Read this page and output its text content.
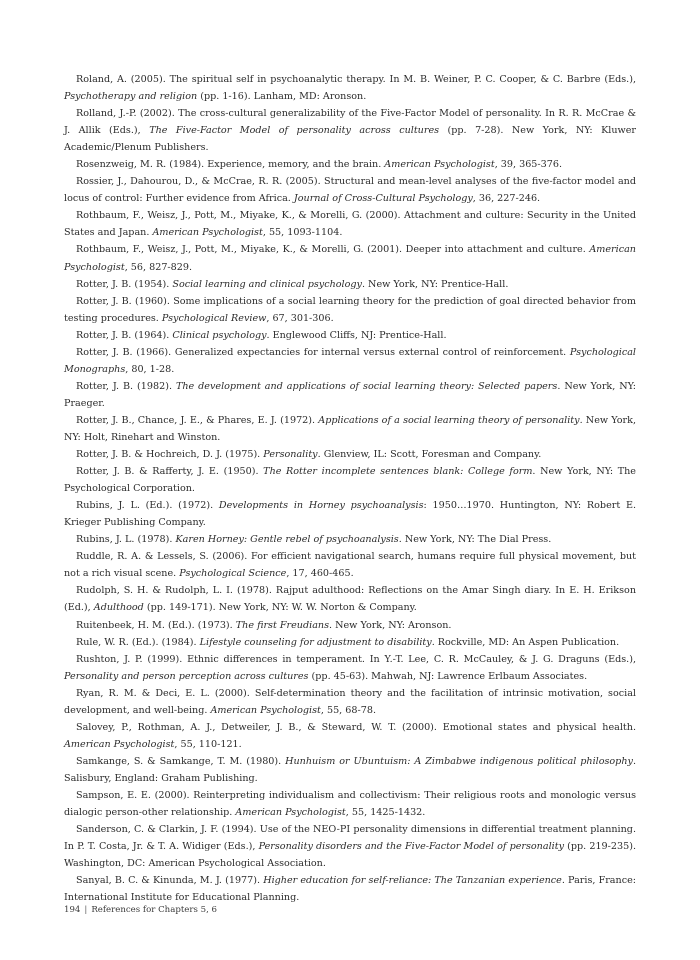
Roland, A. (2005). The spiritual self in psychoanalytic therapy. In M. B. Weiner, P. C. Cooper, & C. Barbre (Eds.), Psychotherapy and religion (pp. 1-16). Lanham, MD: Aronson.

Rolland, J.-P. (2002). The cross-cultural generalizability of the Five-Factor Model of personality. In R. R. McCrae & J. Allik (Eds.), The Five-Factor Model of personality across cultures (pp. 7-28). New York, NY: Kluwer Academic/Plenum Publishers.

Rosenzweig, M. R. (1984). Experience, memory, and the brain. American Psychologist, 39, 365-376.

Rossier, J., Dahourou, D., & McCrae, R. R. (2005). Structural and mean-level analyses of the five-factor model and locus of control: Further evidence from Africa. Journal of Cross-Cultural Psychology, 36, 227-246.

Rothbaum, F., Weisz, J., Pott, M., Miyake, K., & Morelli, G. (2000). Attachment and culture: Security in the United States and Japan. American Psychologist, 55, 1093-1104.

Rothbaum, F., Weisz, J., Pott, M., Miyake, K., & Morelli, G. (2001). Deeper into attachment and culture. American Psychologist, 56, 827-829.

Rotter, J. B. (1954). Social learning and clinical psychology. New York, NY: Prentice-Hall.

Rotter, J. B. (1960). Some implications of a social learning theory for the prediction of goal directed behavior from testing procedures. Psychological Review, 67, 301-306.

Rotter, J. B. (1964). Clinical psychology. Englewood Cliffs, NJ: Prentice-Hall.

Rotter, J. B. (1966). Generalized expectancies for internal versus external control of reinforcement. Psychological Monographs, 80, 1-28.

Rotter, J. B. (1982). The development and applications of social learning theory: Selected papers. New York, NY: Praeger.

Rotter, J. B., Chance, J. E., & Phares, E. J. (1972). Applications of a social learning theory of personality. New York, NY: Holt, Rinehart and Winston.

Rotter, J. B. & Hochreich, D. J. (1975). Personality. Glenview, IL: Scott, Foresman and Company.

Rotter, J. B. & Rafferty, J. E. (1950). The Rotter incomplete sentences blank: College form. New York, NY: The Psychological Corporation.

Rubins, J. L. (Ed.). (1972). Developments in Horney psychoanalysis: 1950…1970. Huntington, NY: Robert E. Krieger Publishing Company.

Rubins, J. L. (1978). Karen Horney: Gentle rebel of psychoanalysis. New York, NY: The Dial Press.

Ruddle, R. A. & Lessels, S. (2006). For efficient navigational search, humans require full physical movement, but not a rich visual scene. Psychological Science, 17, 460-465.

Rudolph, S. H. & Rudolph, L. I. (1978). Rajput adulthood: Reflections on the Amar Singh diary. In E. H. Erikson (Ed.), Adulthood (pp. 149-171). New York, NY: W. W. Norton & Company.

Ruitenbeek, H. M. (Ed.). (1973). The first Freudians. New York, NY: Aronson.

Rule, W. R. (Ed.). (1984). Lifestyle counseling for adjustment to disability. Rockville, MD: An Aspen Publication.

Rushton, J. P. (1999). Ethnic differences in temperament. In Y.-T. Lee, C. R. McCauley, & J. G. Draguns (Eds.), Personality and person perception across cultures (pp. 45-63). Mahwah, NJ: Lawrence Erlbaum Associates.

Ryan, R. M. & Deci, E. L. (2000). Self-determination theory and the facilitation of intrinsic motivation, social development, and well-being. American Psychologist, 55, 68-78.

Salovey, P., Rothman, A. J., Detweiler, J. B., & Steward, W. T. (2000). Emotional states and physical health. American Psychologist, 55, 110-121.

Samkange, S. & Samkange, T. M. (1980). Hunhuism or Ubuntuism: A Zimbabwe indigenous political philosophy. Salisbury, England: Graham Publishing.

Sampson, E. E. (2000). Reinterpreting individualism and collectivism: Their religious roots and monologic versus dialogic person-other relationship. American Psychologist, 55, 1425-1432.

Sanderson, C. & Clarkin, J. F. (1994). Use of the NEO-PI personality dimensions in differential treatment planning. In P. T. Costa, Jr. & T. A. Widiger (Eds.), Personality disorders and the Five-Factor Model of personality (pp. 219-235). Washington, DC: American Psychological Association.

Sanyal, B. C. & Kinunda, M. J. (1977). Higher education for self-reliance: The Tanzanian experience. Paris, France: International Institute for Educational Planning.

194 | References for Chapters 5, 6
